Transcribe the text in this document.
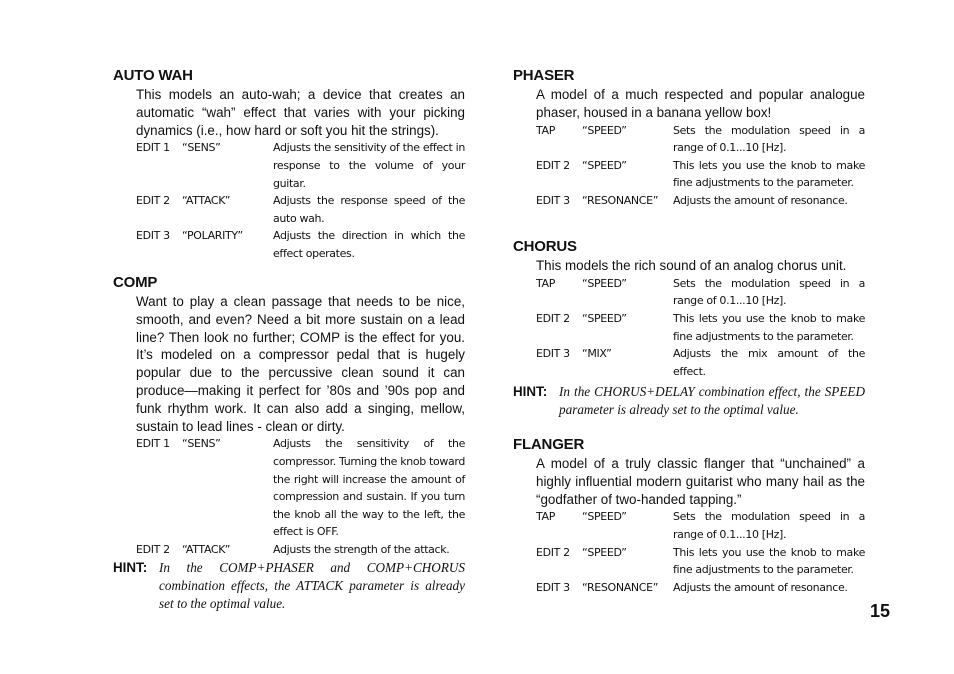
AUTO WAH

This models an auto-wah; a device that creates an automatic “wah” effect that varies with your picking dynamics (i.e., how hard or soft you hit the strings).

EDIT 1	“SENS”	Adjusts the sensitivity of the effect in response to the volume of your guitar.
EDIT 2	“ATTACK”	Adjusts the response speed of the auto wah.
EDIT 3	“POLARITY”	Adjusts the direction in which the effect operates.
COMP

Want to play a clean passage that needs to be nice, smooth, and even? Need a bit more sustain on a lead line? Then look no further; COMP is the effect for you. It’s modeled on a compressor pedal that is hugely popular due to the percussive clean sound it can produce—making it perfect for ’80s and ’90s pop and funk rhythm work. It can also add a singing, mellow, sustain to lead lines - clean or dirty.

EDIT 1	“SENS”	Adjusts the sensitivity of the compressor. Turning the knob toward the right will increase the amount of compression and sustain. If you turn the knob all the way to the left, the effect is OFF.
EDIT 2	“ATTACK”	Adjusts the strength of the attack.
HINT: In the COMP+PHASER and COMP+CHORUS combination effects, the ATTACK parameter is already set to the optimal value.
PHASER

A model of a much respected and popular analogue phaser, housed in a banana yellow box!

TAP	“SPEED”	Sets the modulation speed in a range of 0.1...10 [Hz].
EDIT 2	“SPEED”	This lets you use the knob to make fine adjustments to the parameter.
EDIT 3	“RESONANCE”	Adjusts the amount of resonance.
CHORUS

This models the rich sound of an analog chorus unit.

TAP	“SPEED”	Sets the modulation speed in a range of 0.1...10 [Hz].
EDIT 2	“SPEED”	This lets you use the knob to make fine adjustments to the parameter.
EDIT 3	“MIX”	Adjusts the mix amount of the effect.
HINT: In the CHORUS+DELAY combination effect, the SPEED parameter is already set to the optimal value.
FLANGER

A model of a truly classic flanger that “unchained” a highly influential modern guitarist who many hail as the “godfather of two-handed tapping.”

TAP	“SPEED”	Sets the modulation speed in a range of 0.1...10 [Hz].
EDIT 2	“SPEED”	This lets you use the knob to make fine adjustments to the parameter.
EDIT 3	“RESONANCE”	Adjusts the amount of resonance.
15
